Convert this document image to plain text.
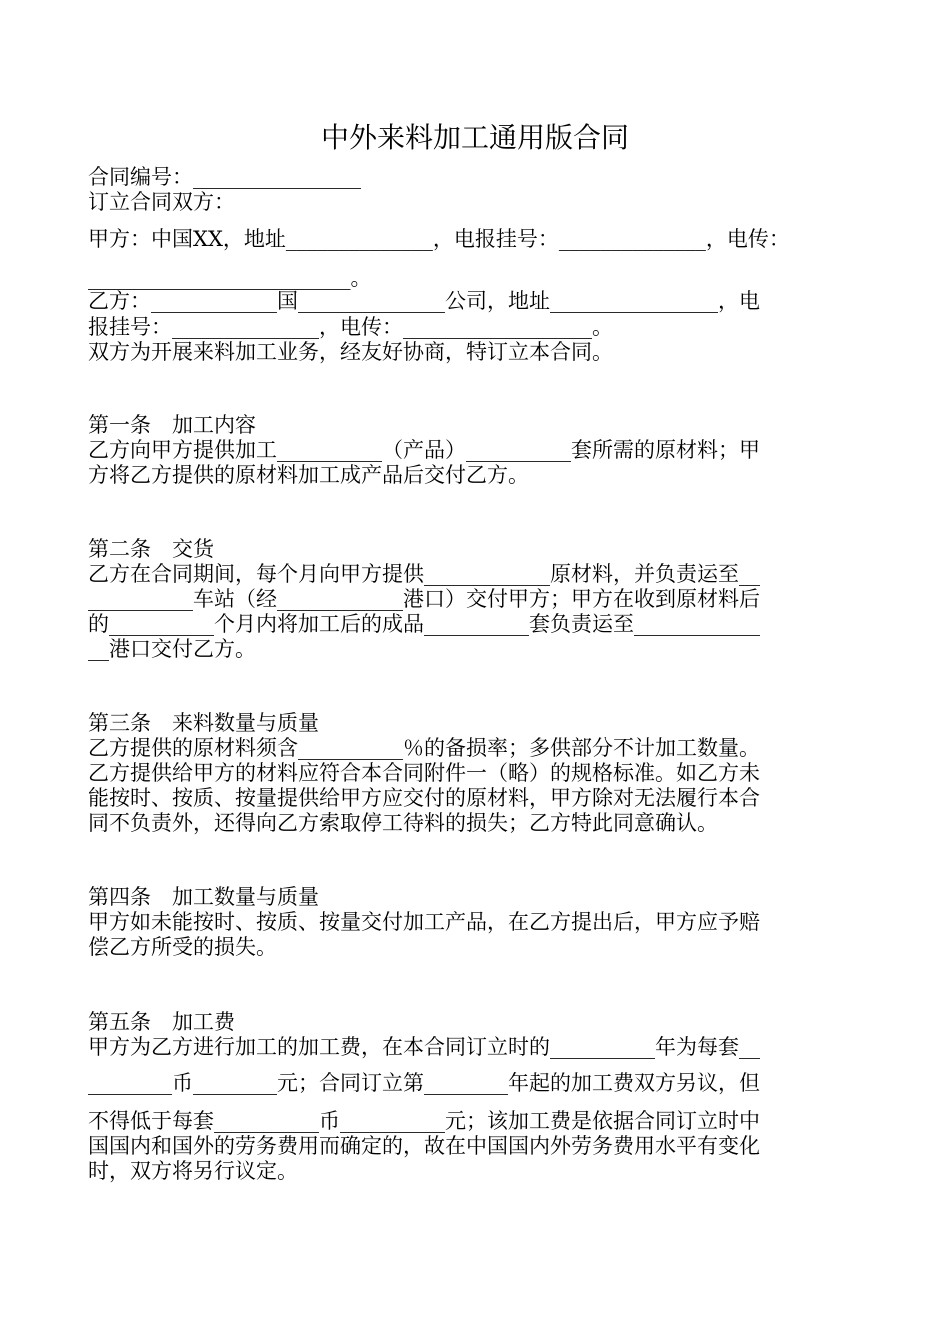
中外来料加工通用版合同

合同编号：________________

订立合同双方：

甲方：中国XX，地址______________，电报挂号：______________，电传：

_________________________。

乙方：____________国______________公司，地址________________，电

报挂号：______________，电传：__________________。

双方为开展来料加工业务，经友好协商，特订立本合同。

第一条　加工内容

乙方向甲方提供加工__________（产品）__________套所需的原材料；甲

方将乙方提供的原材料加工成产品后交付乙方。

第二条　交货

乙方在合同期间，每个月向甲方提供____________原材料，并负责运至__

__________车站（经____________港口）交付甲方；甲方在收到原材料后

的__________个月内将加工后的成品__________套负责运至____________

__港口交付乙方。

第三条　来料数量与质量

乙方提供的原材料须含__________％的备损率；多供部分不计加工数量。

乙方提供给甲方的材料应符合本合同附件一（略）的规格标准。如乙方未

能按时、按质、按量提供给甲方应交付的原材料，甲方除对无法履行本合

同不负责外，还得向乙方索取停工待料的损失；乙方特此同意确认。

第四条　加工数量与质量

甲方如未能按时、按质、按量交付加工产品，在乙方提出后，甲方应予赔

偿乙方所受的损失。

第五条　加工费

甲方为乙方进行加工的加工费，在本合同订立时的__________年为每套__

________币________元；合同订立第________年起的加工费双方另议，但

不得低于每套__________币__________元；该加工费是依据合同订立时中

国国内和国外的劳务费用而确定的，故在中国国内外劳务费用水平有变化

时，双方将另行议定。
